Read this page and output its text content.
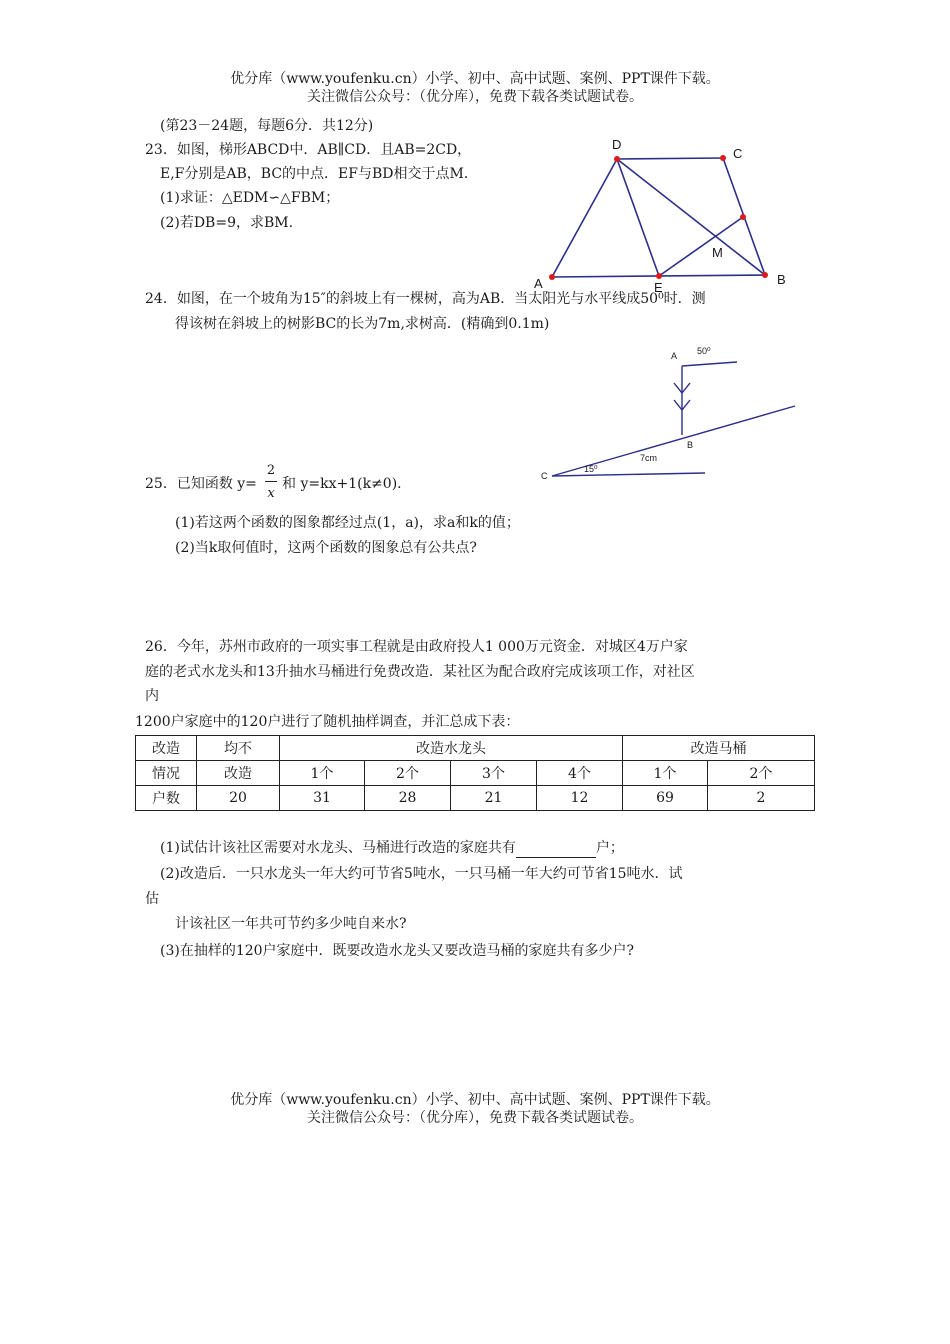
优分库（www.youfenku.cn）小学、初中、高中试题、案例、PPT课件下载。
关注微信公众号：（优分库），免费下载各类试题试卷。
(第23－24题，每题6分．共12分)
23．如图，梯形ABCD中．AB∥CD．且AB=2CD，
E,F分别是AB，BC的中点．EF与BD相交于点M．
(1)求证：△EDM∽△FBM；
(2)若DB=9，求BM.
D
C
A	E
B
M
24．如图，在一个坡角为15″的斜坡上有一棵树，高为AB．当太阳光与水平线成50⁰时．测
得该树在斜坡上的树影BC的长为7m,求树高．(精确到0.1m)
A
B
C
50⁰
15⁰
7cm
25．已知函数 y=
2
x
和 y=kx+1(k≠0)．
(1)若这两个函数的图象都经过点(1，a)，求a和k的值；
(2)当k取何值时，这两个函数的图象总有公共点?
26．今年，苏州市政府的一项实事工程就是由政府投人1 000万元资金．对城区4万户家
庭的老式水龙头和13升抽水马桶进行免费改造．某社区为配合政府完成该项工作，对社区
内
1200户家庭中的120户进行了随机抽样调查，并汇总成下表：
改造	均不	改造水龙头				改造马桶	
情况	改造	1个	2个	3个	4个	1个	2个
户数	20	31	28	21	12	69	2
(1)试估计该社区需要对水龙头、马桶进行改造的家庭共有	户；
(2)改造后．一只水龙头一年大约可节省5吨水，一只马桶一年大约可节省15吨水．试
估
计该社区一年共可节约多少吨自来水?
(3)在抽样的120户家庭中．既要改造水龙头又要改造马桶的家庭共有多少户?
优分库（www.youfenku.cn）小学、初中、高中试题、案例、PPT课件下载。
关注微信公众号：（优分库），免费下载各类试题试卷。
